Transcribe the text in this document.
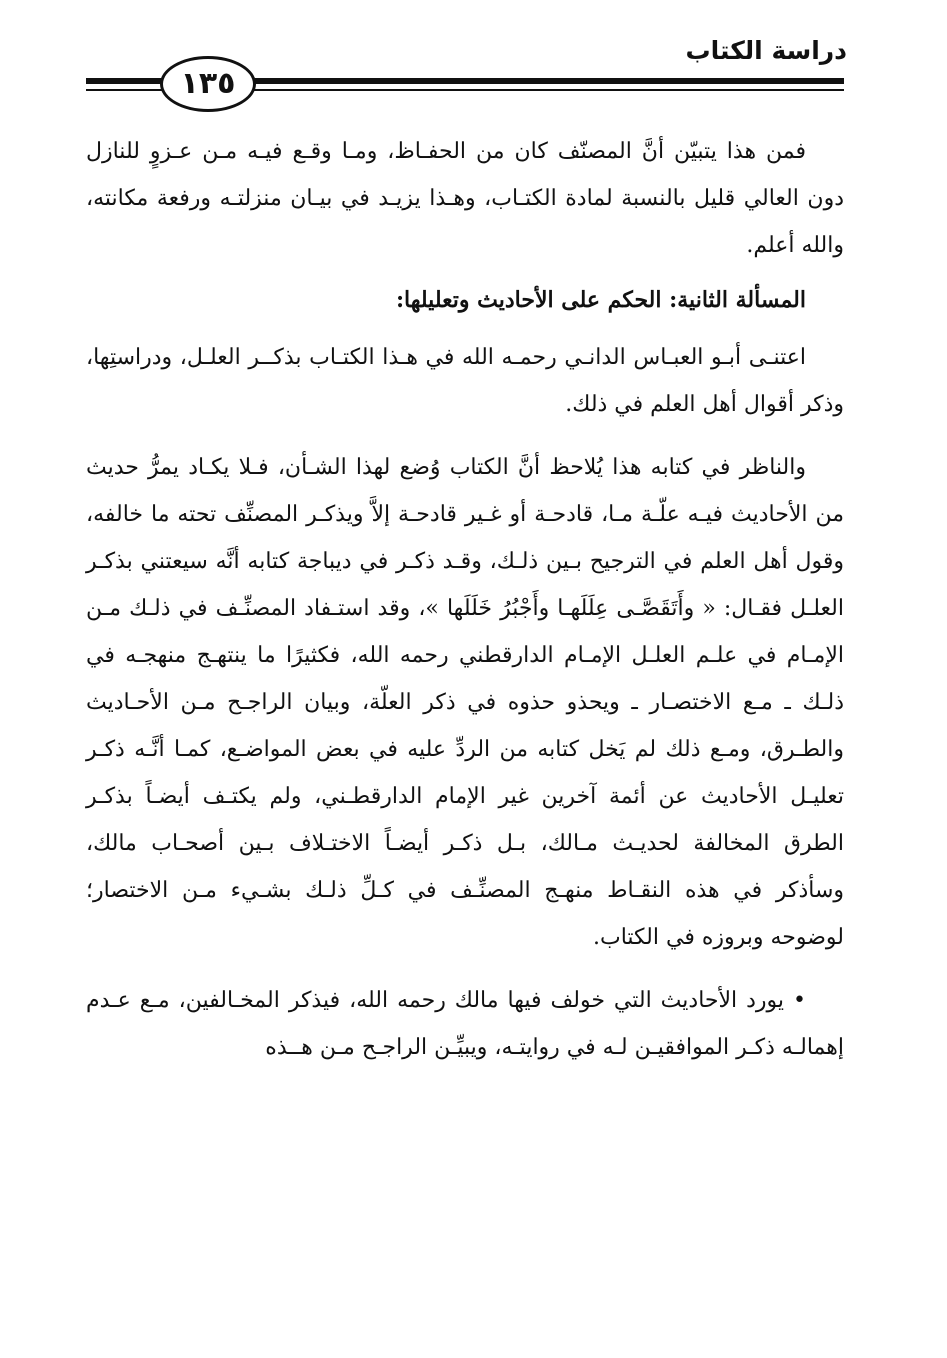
دراسة الكتاب
١٣٥

فمن هذا يتبيّن أنَّ المصنّف كان من الحفـاظ، ومـا وقـع فيـه مـن عـزوٍ للنازل دون العالي قليل بالنسبة لمادة الكتـاب، وهـذا يزيـد في بيـان منزلتـه ورفعة مكانته، والله أعلم.

المسألة الثانية: الحكم على الأحاديث وتعليلها:

اعتنـى أبـو العبـاس الدانـي رحمـه الله في هـذا الكتـاب بذكــر العلـل، ودراستِها، وذكر أقوال أهل العلم في ذلك.

والناظر في كتابه هذا يُلاحظ أنَّ الكتاب وُضع لهذا الشـأن، فـلا يكـاد يمرُّ حديث من الأحاديث فيـه علّـة مـا، قادحـة أو غـير قادحـة إلاَّ ويذكـر المصنِّف تحته ما خالفه، وقول أهل العلم في الترجيح بـين ذلـك، وقـد ذكـر في ديباجة كتابه أنَّه سيعتني بذكـر العلـل فقـال: « وأَتَقَصَّـى عِلَلَهـا وأَجْبُرُ خَلَلَها »، وقد استـفاد المصنِّـف في ذلـك مـن الإمـام في علـم العلـل الإمـام الدارقطني رحمه الله، فكثيرًا ما ينتهـج منهجـه في ذلـك ـ مـع الاختصـار ـ ويحذو حذوه في ذكر العلّة، وبيان الراجـح مـن الأحـاديث والطـرق، ومـع ذلك لم يَخل كتابه من الردِّ عليه في بعض المواضـع، كمـا أنَّـه ذكـر تعليـل الأحاديث عن أئمة آخرين غير الإمام الدارقطـني، ولم يكتـف أيضـاً بذكـر الطرق المخالفة لحديـث مـالك، بـل ذكـر أيضـاً الاختـلاف بـين أصحـاب مالك، وسأذكر في هذه النقـاط منهـج المصنِّـف في كـلِّ ذلـك بشـيء مـن الاختصار؛ لوضوحه وبروزه في الكتاب.

• يورد الأحاديث التي خولف فيها مالك رحمه الله، فيذكر المخـالفين، مـع عـدم إهمالـه ذكـر الموافقيـن لـه في روايتـه، ويبيِّـن الراجـح مـن هــذه
